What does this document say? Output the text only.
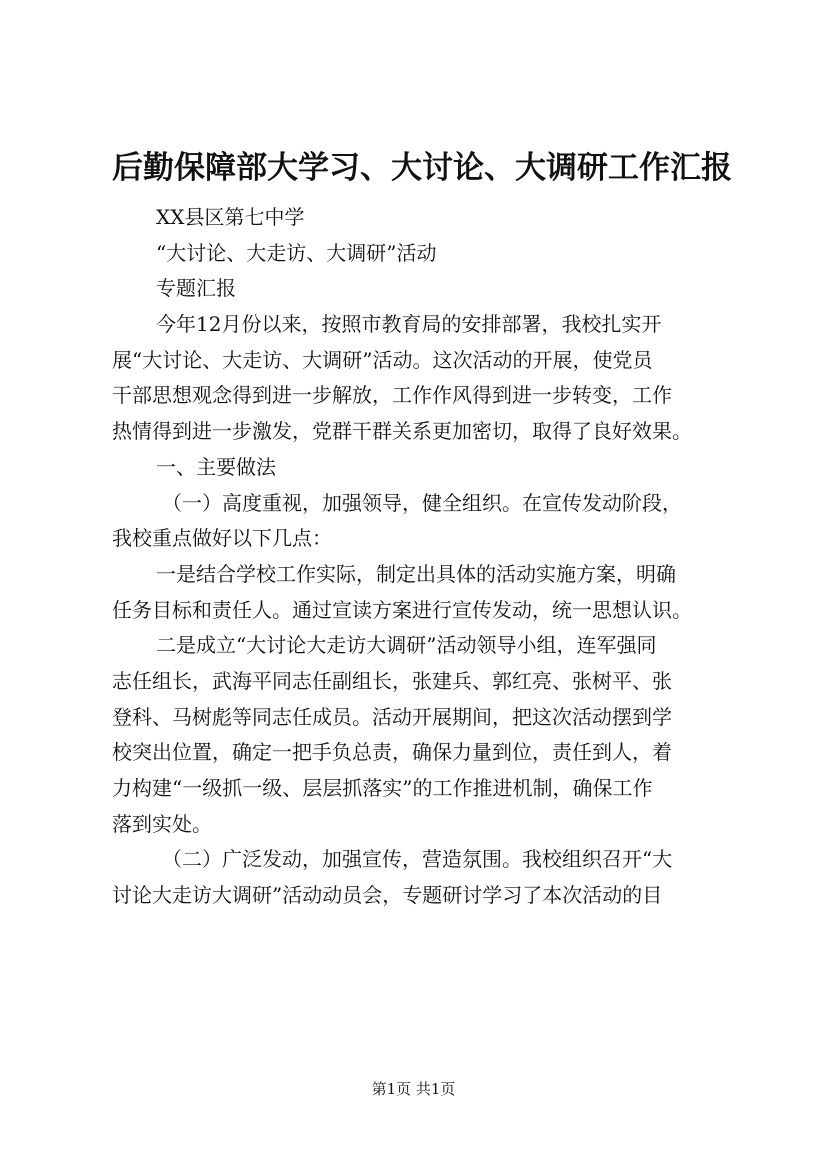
后勤保障部大学习、大讨论、大调研工作汇报
XX县区第七中学
“大讨论、大走访、大调研”活动
专题汇报
今年12月份以来，按照市教育局的安排部署，我校扎实开
展“大讨论、大走访、大调研”活动。这次活动的开展，使党员
干部思想观念得到进一步解放，工作作风得到进一步转变，工作
热情得到进一步激发，党群干群关系更加密切，取得了良好效果。
一、主要做法
（一）高度重视，加强领导，健全组织。在宣传发动阶段，
我校重点做好以下几点：
一是结合学校工作实际，制定出具体的活动实施方案，明确
任务目标和责任人。通过宣读方案进行宣传发动，统一思想认识。
二是成立“大讨论大走访大调研”活动领导小组，连军强同
志任组长，武海平同志任副组长，张建兵、郭红亮、张树平、张
登科、马树彪等同志任成员。活动开展期间，把这次活动摆到学
校突出位置，确定一把手负总责，确保力量到位，责任到人，着
力构建“一级抓一级、层层抓落实”的工作推进机制，确保工作
落到实处。
（二）广泛发动，加强宣传，营造氛围。我校组织召开“大
讨论大走访大调研”活动动员会，专题研讨学习了本次活动的目
第1页 共1页
